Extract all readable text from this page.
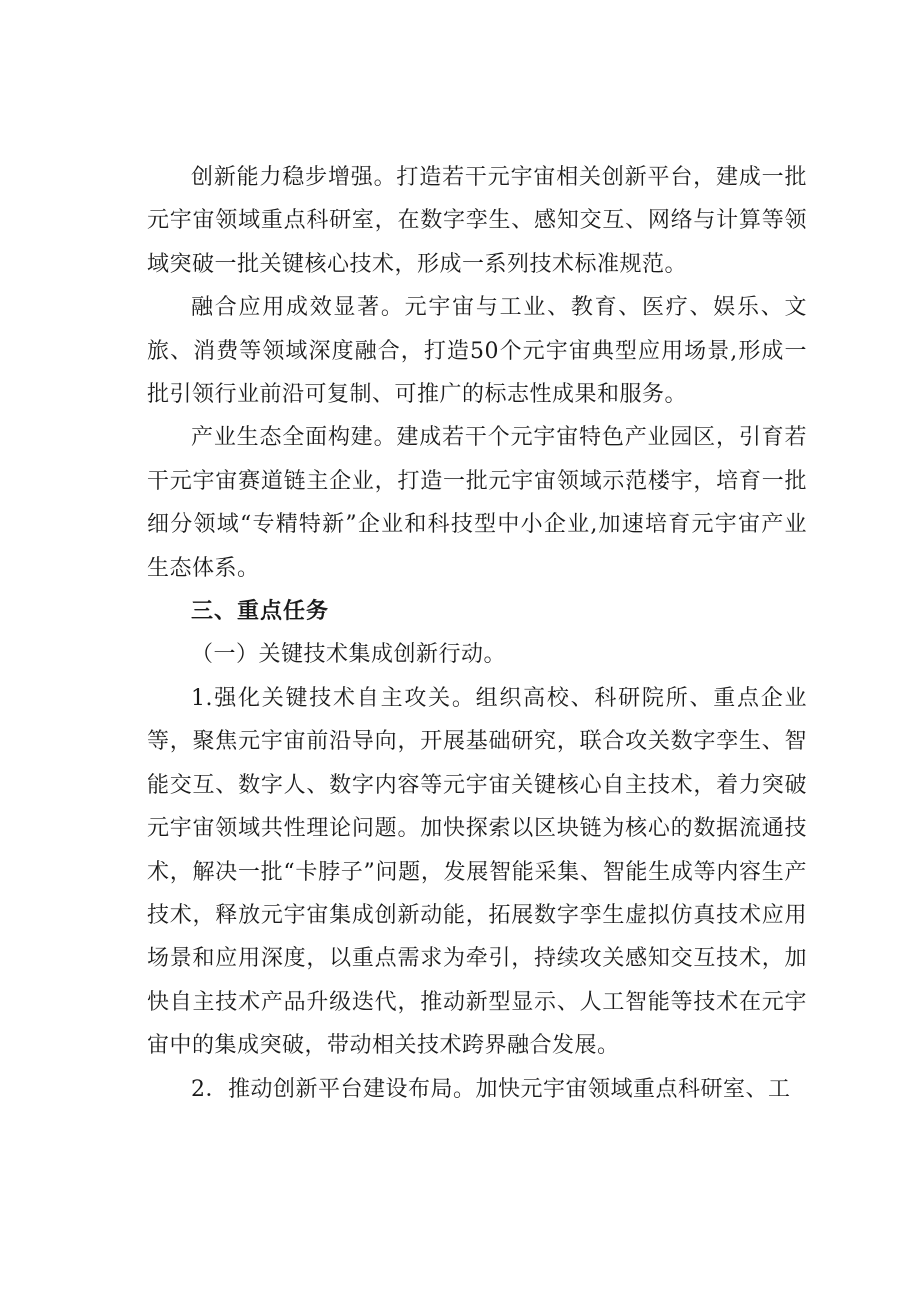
创新能力稳步增强。打造若干元宇宙相关创新平台，建成一批元宇宙领域重点科研室，在数字孪生、感知交互、网络与计算等领域突破一批关键核心技术，形成一系列技术标准规范。

融合应用成效显著。元宇宙与工业、教育、医疗、娱乐、文旅、消费等领域深度融合，打造50个元宇宙典型应用场景,形成一批引领行业前沿可复制、可推广的标志性成果和服务。

产业生态全面构建。建成若干个元宇宙特色产业园区，引育若干元宇宙赛道链主企业，打造一批元宇宙领域示范楼宇，培育一批细分领域“专精特新”企业和科技型中小企业,加速培育元宇宙产业生态体系。

三、重点任务

（一）关键技术集成创新行动。

1.强化关键技术自主攻关。组织高校、科研院所、重点企业等，聚焦元宇宙前沿导向，开展基础研究，联合攻关数字孪生、智能交互、数字人、数字内容等元宇宙关键核心自主技术，着力突破元宇宙领域共性理论问题。加快探索以区块链为核心的数据流通技术，解决一批“卡脖子”问题，发展智能采集、智能生成等内容生产技术，释放元宇宙集成创新动能，拓展数字孪生虚拟仿真技术应用场景和应用深度，以重点需求为牵引，持续攻关感知交互技术，加快自主技术产品升级迭代，推动新型显示、人工智能等技术在元宇宙中的集成突破，带动相关技术跨界融合发展。

2．推动创新平台建设布局。加快元宇宙领域重点科研室、工
